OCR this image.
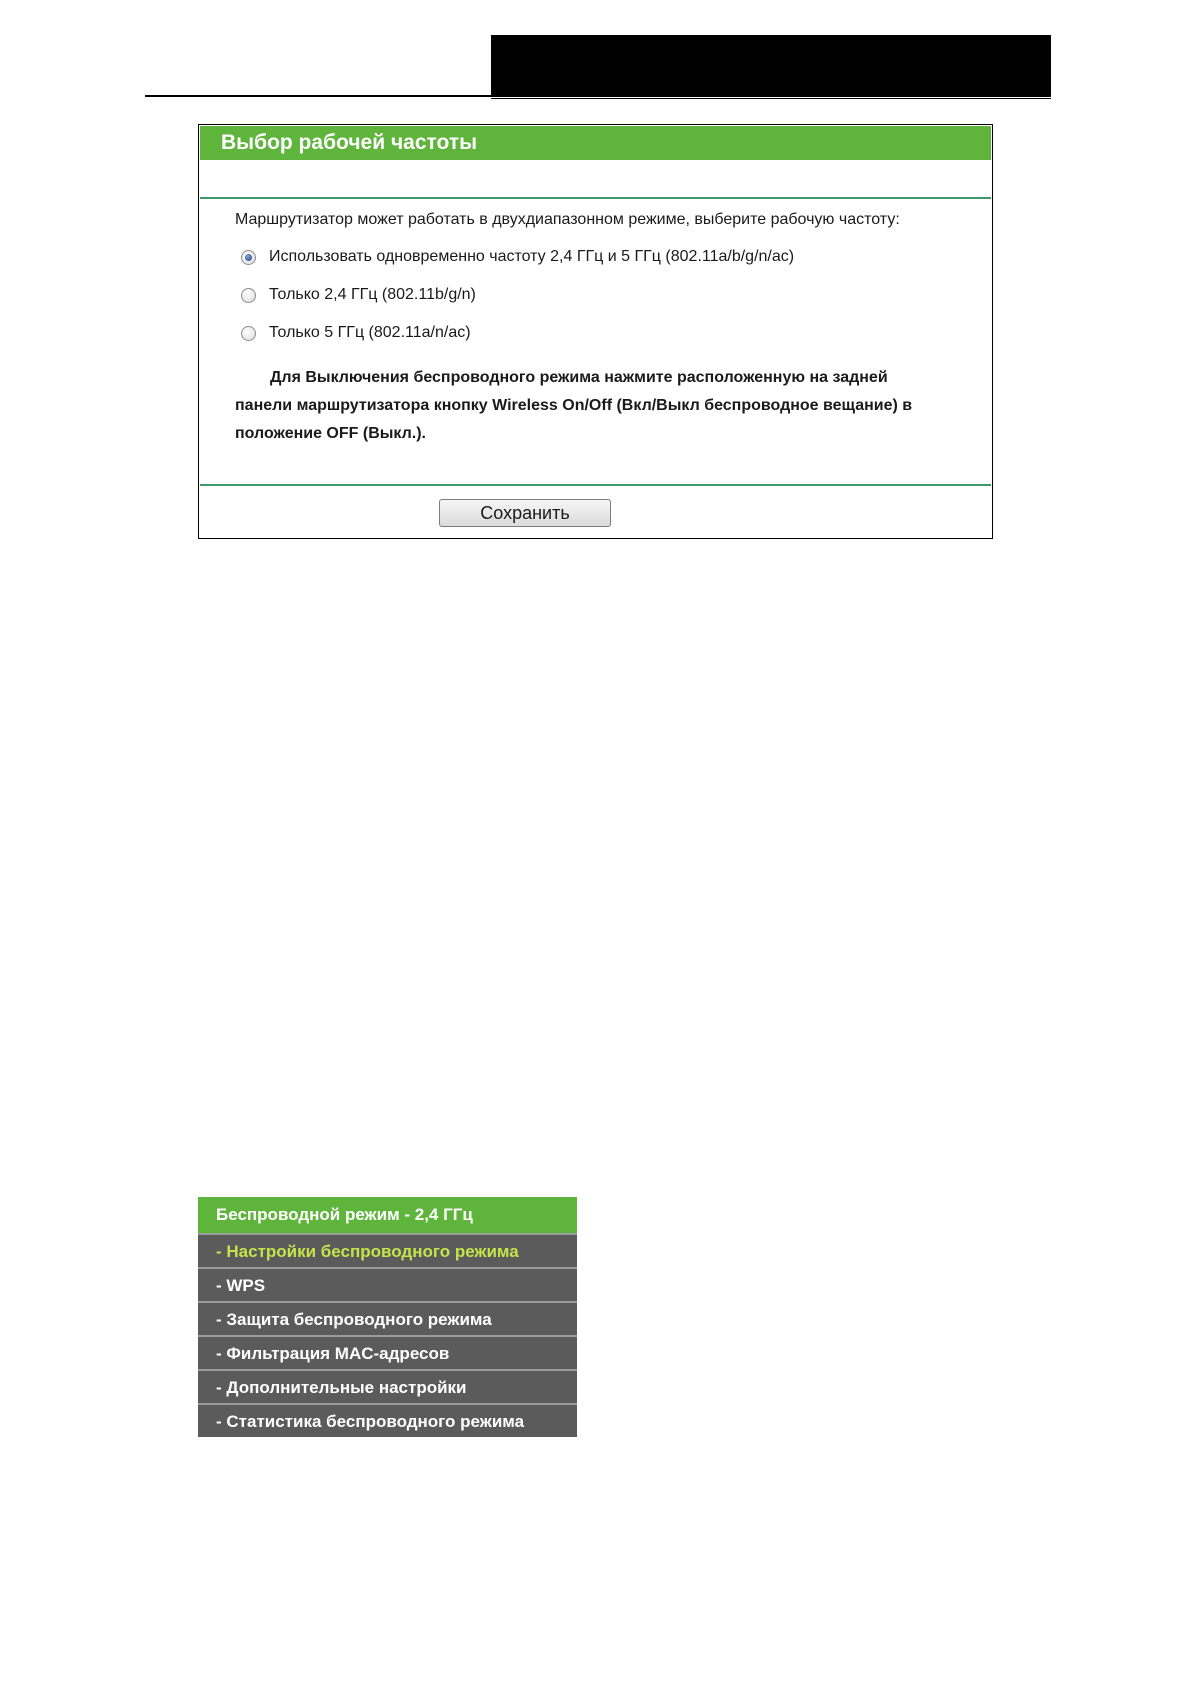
Выбор рабочей частоты
Маршрутизатор может работать в двухдиапазонном режиме, выберите рабочую частоту:
Использовать одновременно частоту 2,4 ГГц и 5 ГГц (802.11a/b/g/n/ac)
Только 2,4 ГГц (802.11b/g/n)
Только 5 ГГц (802.11a/n/ac)

Для Выключения беспроводного режима нажмите расположенную на задней

панели маршрутизатора кнопку Wireless On/Off (Вкл/Выкл беспроводное вещание) в

положение OFF (Выкл.).

Сохранить
Беспроводной режим - 2,4 ГГц
- Настройки беспроводного режима
- WPS
- Защита беспроводного режима
- Фильтрация MAC-адресов
- Дополнительные настройки
- Статистика беспроводного режима
